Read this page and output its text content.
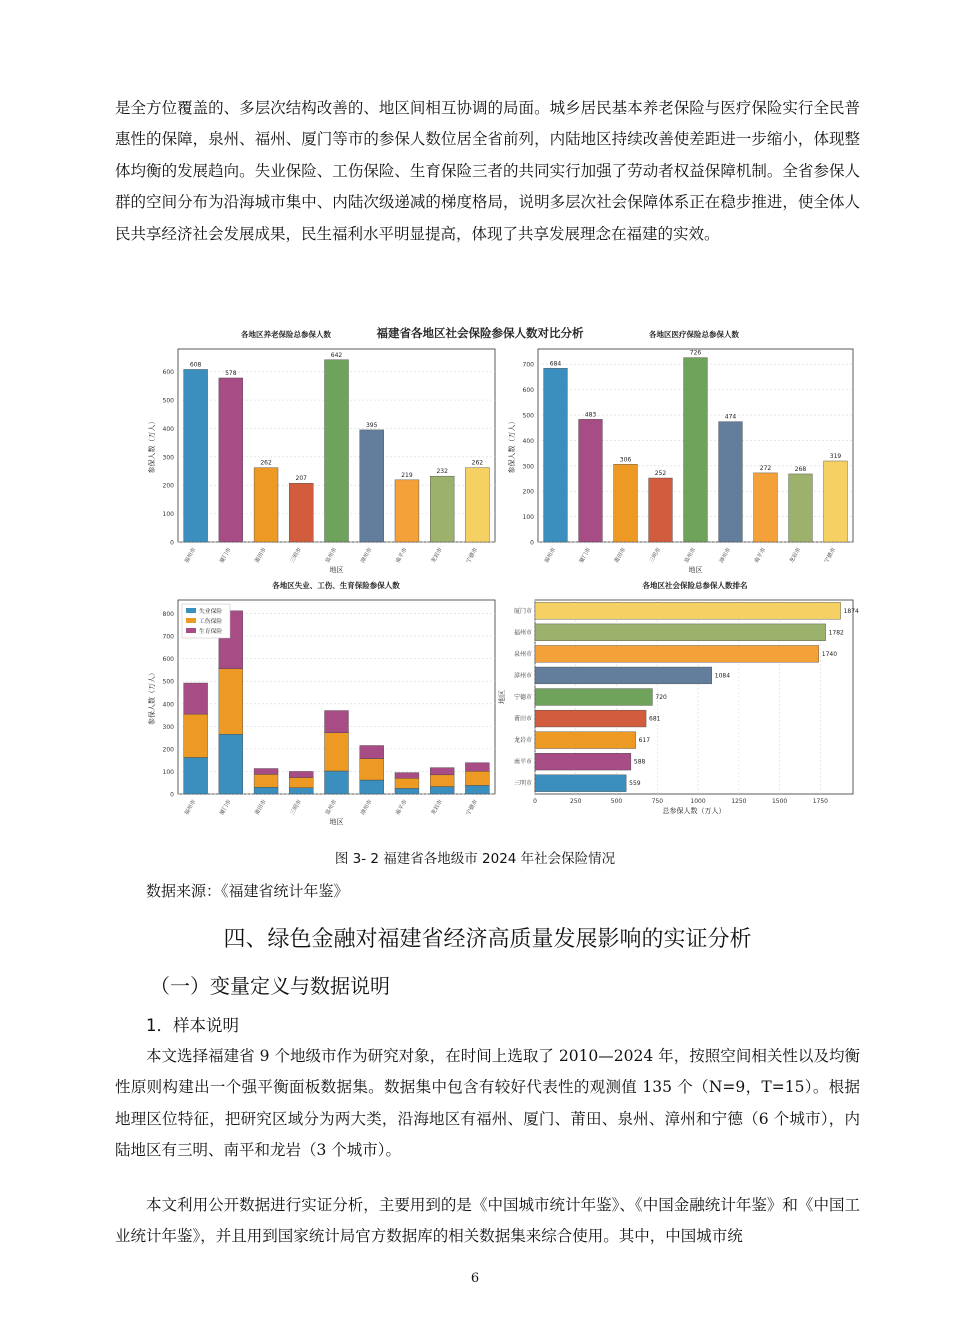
是全方位覆盖的、多层次结构改善的、地区间相互协调的局面。城乡居民基本养老保险与医疗保险实行全民普惠性的保障，泉州、福州、厦门等市的参保人数位居全省前列，内陆地区持续改善使差距进一步缩小，体现整体均衡的发展趋向。失业保险、工伤保险、生育保险三者的共同实行加强了劳动者权益保障机制。全省参保人群的空间分布为沿海城市集中、内陆次级递减的梯度格局，说明多层次社会保障体系正在稳步推进，使全体人民共享经济社会发展成果，民生福利水平明显提高，体现了共享发展理念在福建的实效。

福建省各地区社会保险参保人数对比分析
各地区养老保险总参保人数
0
100
200
300
400
500
600
608
福州市
578
厦门市
262
莆田市
207
三明市
642
泉州市
395
漳州市
219
南平市
232
龙岩市
262
宁德市
地区
参保人数（万人）
各地区医疗保险总参保人数
0
100
200
300
400
500
600
700	684
福州市
483
厦门市
306
莆田市
252
三明市
726
泉州市
474
漳州市
272
南平市
268
龙岩市
319
宁德市
地区
参保人数（万人）
各地区失业、工伤、生育保险参保人数
0
100
200
300
400
500
600
700
800
福州市	厦门市	莆田市	三明市	泉州市	漳州市	南平市	龙岩市	宁德市
地区
参保人数（万人）
失业保险
工伤保险
生育保险
各地区社会保险总参保人数排名
0	250	500	750	1000	1250	1500	1750
1874
厦门市
1782
福州市
1740
泉州市
1084
漳州市
720
宁德市
681
莆田市
617
龙岩市
588
南平市
559
三明市
总参保人数（万人）
地区
图 3- 2 福建省各地级市 2024 年社会保险情况
数据来源：《福建省统计年鉴》
四、绿色金融对福建省经济高质量发展影响的实证分析
（一）变量定义与数据说明
1．样本说明

本文选择福建省 9 个地级市作为研究对象，在时间上选取了 2010—2024 年，按照空间相关性以及均衡性原则构建出一个强平衡面板数据集。数据集中包含有较好代表性的观测值 135 个（N=9，T=15）。根据地理区位特征，把研究区域分为两大类，沿海地区有福州、厦门、莆田、泉州、漳州和宁德（6 个城市），内陆地区有三明、南平和龙岩（3 个城市）。

本文利用公开数据进行实证分析，主要用到的是《中国城市统计年鉴》、《中国金融统计年鉴》和《中国工业统计年鉴》，并且用到国家统计局官方数据库的相关数据集来综合使用。其中，中国城市统

6
